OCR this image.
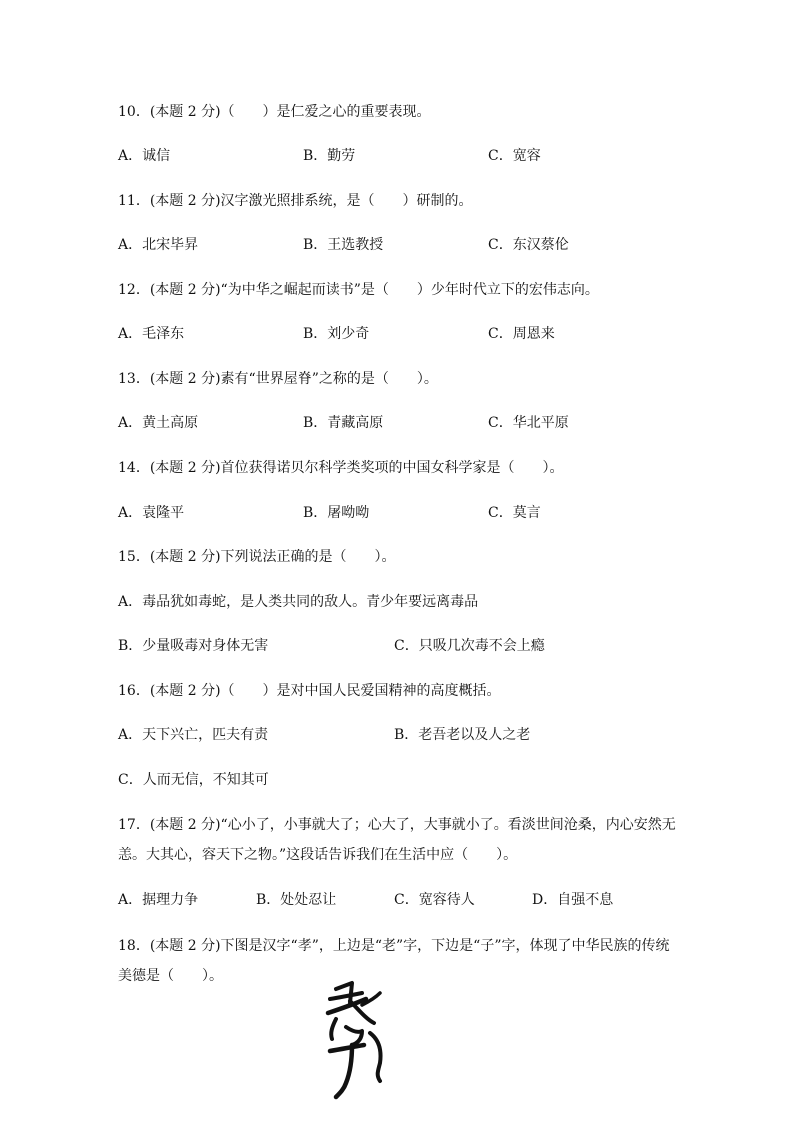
10．(本题 2 分)（　　）是仁爱之心的重要表现。
A．诚信	B．勤劳	C．宽容
11．(本题 2 分)汉字激光照排系统，是（　　）研制的。
A．北宋毕昇	B．王选教授	C．东汉蔡伦
12．(本题 2 分)“为中华之崛起而读书”是（　　）少年时代立下的宏伟志向。
A．毛泽东	B．刘少奇	C．周恩来
13．(本题 2 分)素有“世界屋脊”之称的是（　　）。
A．黄土高原	B．青藏高原	C．华北平原
14．(本题 2 分)首位获得诺贝尔科学类奖项的中国女科学家是（　　）。
A．袁隆平	B．屠呦呦	C．莫言
15．(本题 2 分)下列说法正确的是（　　）。
A．毒品犹如毒蛇，是人类共同的敌人。青少年要远离毒品
B．少量吸毒对身体无害	C．只吸几次毒不会上瘾
16．(本题 2 分)（　　）是对中国人民爱国精神的高度概括。
A．天下兴亡，匹夫有责	B．老吾老以及人之老
C．人而无信，不知其可
17．(本题 2 分)“心小了，小事就大了；心大了，大事就小了。看淡世间沧桑，内心安然无恙。大其心，容天下之物。”这段话告诉我们在生活中应（　　）。
A．据理力争	B．处处忍让	C．宽容待人	D．自强不息
18．(本题 2 分)下图是汉字“孝”，上边是“老”字，下边是“子”字，体现了中华民族的传统美德是（　　）。
